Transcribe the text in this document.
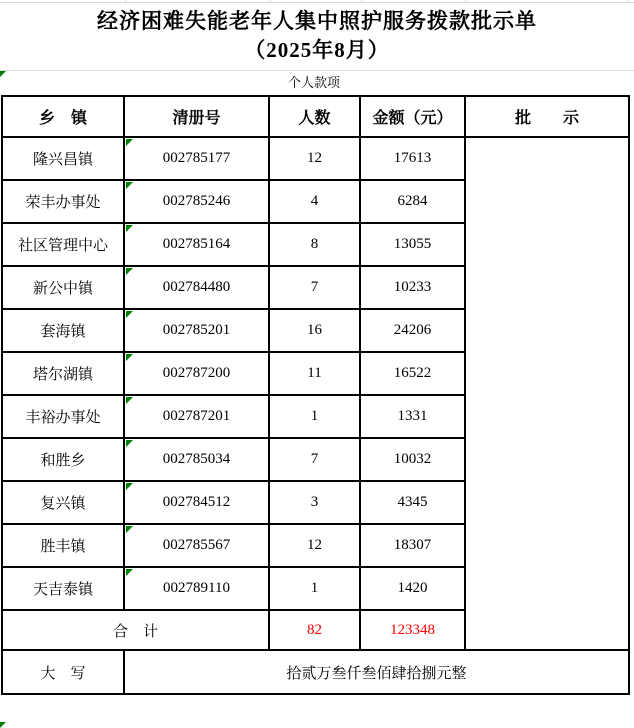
经济困难失能老年人集中照护服务拨款批示单
（2025年8月）
个人款项
乡　镇	清册号	人数	金额（元）	批　　示
隆兴昌镇	002785177	12	17613	
荣丰办事处	002785246	4	6284	
社区管理中心	002785164	8	13055	
新公中镇	002784480	7	10233	
套海镇	002785201	16	24206	
塔尔湖镇	002787200	11	16522	
丰裕办事处	002787201	1	1331	
和胜乡	002785034	7	10032	
复兴镇	002784512	3	4345	
胜丰镇	002785567	12	18307	
天吉泰镇	002789110	1	1420	
合　计		82	123348	
大　写	拾贰万叁仟叁佰肆拾捌元整			
